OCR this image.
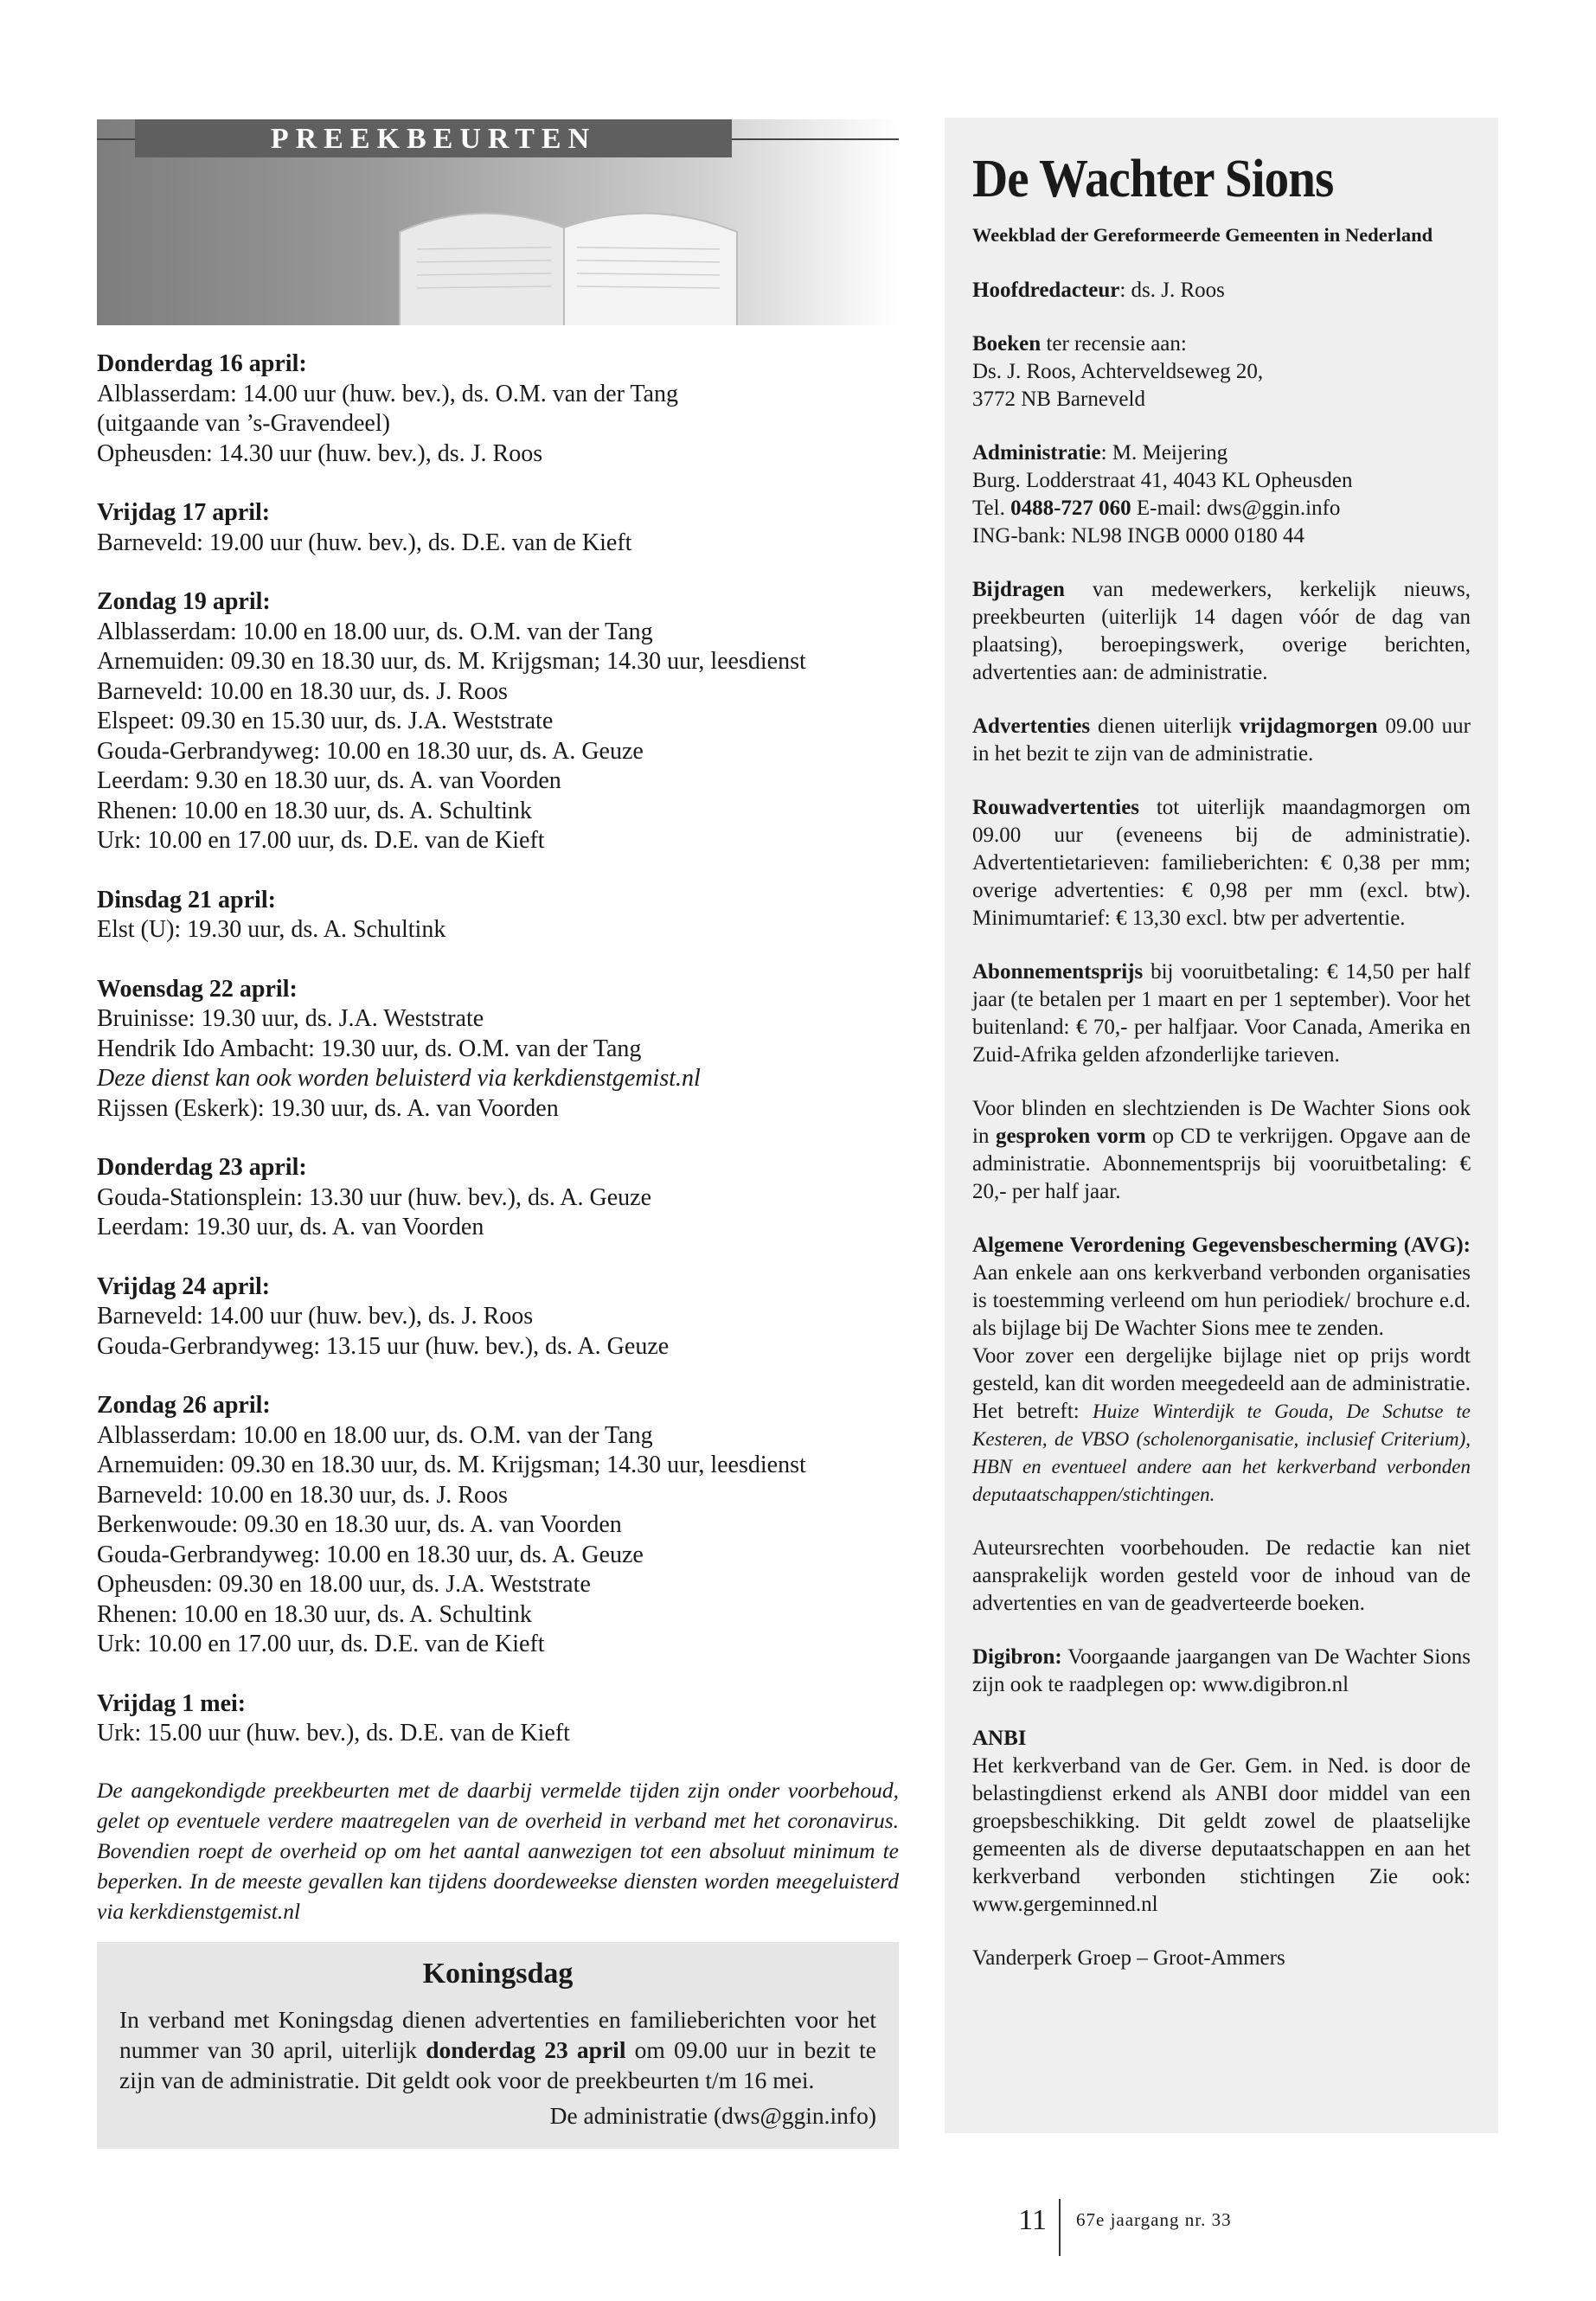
PREEKBEURTEN
Donderdag 16 april:
Alblasserdam: 14.00 uur (huw. bev.), ds. O.M. van der Tang
(uitgaande van ’s-Gravendeel)
Opheusden: 14.30 uur (huw. bev.), ds. J. Roos
Vrijdag 17 april:
Barneveld: 19.00 uur (huw. bev.), ds. D.E. van de Kieft
Zondag 19 april:
Alblasserdam: 10.00 en 18.00 uur, ds. O.M. van der Tang
Arnemuiden: 09.30 en 18.30 uur, ds. M. Krijgsman; 14.30 uur, leesdienst
Barneveld: 10.00 en 18.30 uur, ds. J. Roos
Elspeet: 09.30 en 15.30 uur, ds. J.A. Weststrate
Gouda-Gerbrandyweg: 10.00 en 18.30 uur, ds. A. Geuze
Leerdam: 9.30 en 18.30 uur, ds. A. van Voorden
Rhenen: 10.00 en 18.30 uur, ds. A. Schultink
Urk: 10.00 en 17.00 uur, ds. D.E. van de Kieft
Dinsdag 21 april:
Elst (U): 19.30 uur, ds. A. Schultink
Woensdag 22 april:
Bruinisse: 19.30 uur, ds. J.A. Weststrate
Hendrik Ido Ambacht: 19.30 uur, ds. O.M. van der Tang
Deze dienst kan ook worden beluisterd via kerkdienstgemist.nl
Rijssen (Eskerk): 19.30 uur, ds. A. van Voorden
Donderdag 23 april:
Gouda-Stationsplein: 13.30 uur (huw. bev.), ds. A. Geuze
Leerdam: 19.30 uur, ds. A. van Voorden
Vrijdag 24 april:
Barneveld: 14.00 uur (huw. bev.), ds. J. Roos
Gouda-Gerbrandyweg: 13.15 uur (huw. bev.), ds. A. Geuze
Zondag 26 april:
Alblasserdam: 10.00 en 18.00 uur, ds. O.M. van der Tang
Arnemuiden: 09.30 en 18.30 uur, ds. M. Krijgsman; 14.30 uur, leesdienst
Barneveld: 10.00 en 18.30 uur, ds. J. Roos
Berkenwoude: 09.30 en 18.30 uur, ds. A. van Voorden
Gouda-Gerbrandyweg: 10.00 en 18.30 uur, ds. A. Geuze
Opheusden: 09.30 en 18.00 uur, ds. J.A. Weststrate
Rhenen: 10.00 en 18.30 uur, ds. A. Schultink
Urk: 10.00 en 17.00 uur, ds. D.E. van de Kieft
Vrijdag 1 mei:
Urk: 15.00 uur (huw. bev.), ds. D.E. van de Kieft
De aangekondigde preekbeurten met de daarbij vermelde tijden zijn onder voorbehoud, gelet op eventuele verdere maatregelen van de overheid in verband met het coronavirus. Bovendien roept de overheid op om het aantal aanwezigen tot een absoluut minimum te beperken. In de meeste gevallen kan tijdens doordeweekse diensten worden meegeluisterd via kerkdienstgemist.nl
Koningsdag
In verband met Koningsdag dienen advertenties en familieberichten voor het nummer van 30 april, uiterlijk donderdag 23 april om 09.00 uur in bezit te zijn van de administratie. Dit geldt ook voor de preekbeurten t/m 16 mei.
De administratie (dws@ggin.info)
De Wachter Sions
Weekblad der Gereformeerde Gemeenten in Nederland
Hoofdredacteur: ds. J. Roos
Boeken ter recensie aan:
Ds. J. Roos, Achterveldseweg 20,
3772 NB Barneveld
Administratie: M. Meijering
Burg. Lodderstraat 41, 4043 KL Opheusden
Tel. 0488-727 060 E-mail: dws@ggin.info
ING-bank: NL98 INGB 0000 0180 44
Bijdragen van medewerkers, kerkelijk nieuws, preekbeurten (uiterlijk 14 dagen vóór de dag van plaatsing), beroepingswerk, overige berichten, advertenties aan: de administratie.
Advertenties dienen uiterlijk vrijdagmorgen 09.00 uur in het bezit te zijn van de administratie.
Rouwadvertenties tot uiterlijk maandagmorgen om 09.00 uur (eveneens bij de administratie). Advertentietarieven: familieberichten: € 0,38 per mm; overige advertenties: € 0,98 per mm (excl. btw). Minimumtarief: € 13,30 excl. btw per advertentie.
Abonnementsprijs bij vooruitbetaling: € 14,50 per half jaar (te betalen per 1 maart en per 1 september). Voor het buitenland: € 70,- per halfjaar. Voor Canada, Amerika en Zuid-Afrika gelden afzonderlijke tarieven.
Voor blinden en slechtzienden is De Wachter Sions ook in gesproken vorm op CD te verkrijgen. Opgave aan de administratie. Abonnementsprijs bij vooruitbetaling: € 20,- per half jaar.
Algemene Verordening Gegevensbescherming (AVG): Aan enkele aan ons kerkverband verbonden organisaties is toestemming verleend om hun periodiek/ brochure e.d. als bijlage bij De Wachter Sions mee te zenden.
Voor zover een dergelijke bijlage niet op prijs wordt gesteld, kan dit worden meegedeeld aan de administratie. Het betreft: Huize Winterdijk te Gouda, De Schutse te Kesteren, de VBSO (scholenorganisatie, inclusief Criterium), HBN en eventueel andere aan het kerkverband verbonden deputaatschappen/stichtingen.
Auteursrechten voorbehouden. De redactie kan niet aansprakelijk worden gesteld voor de inhoud van de advertenties en van de geadverteerde boeken.
Digibron: Voorgaande jaargangen van De Wachter Sions zijn ook te raadplegen op: www.digibron.nl
ANBI
Het kerkverband van de Ger. Gem. in Ned. is door de belastingdienst erkend als ANBI door middel van een groepsbeschikking. Dit geldt zowel de plaatselijke gemeenten als de diverse deputaatschappen en aan het kerkverband verbonden stichtingen Zie ook: www.gergeminned.nl
Vanderperk Groep – Groot-Ammers
11 67e jaargang nr. 33
